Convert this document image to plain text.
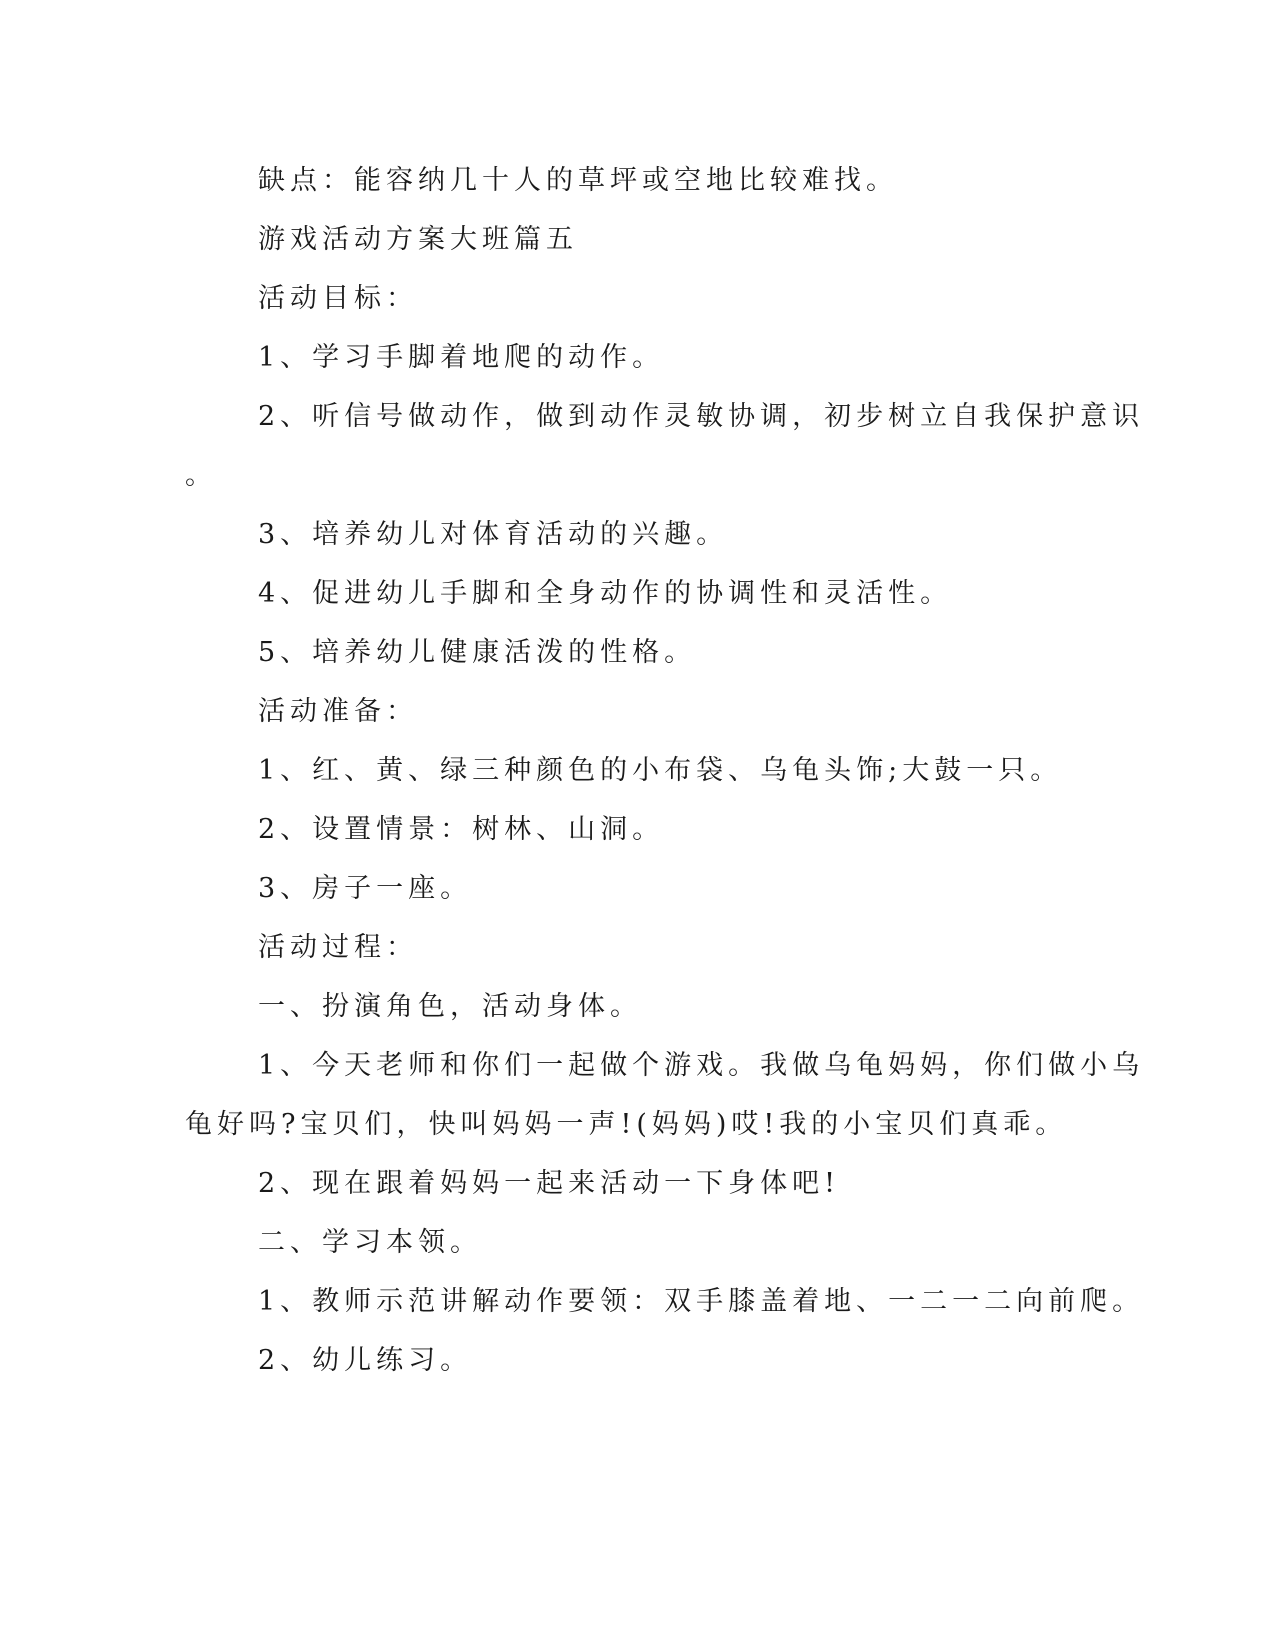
缺点：能容纳几十人的草坪或空地比较难找。

游戏活动方案大班篇五

活动目标：

1、学习手脚着地爬的动作。

2、听信号做动作，做到动作灵敏协调，初步树立自我保护意识

。

3、培养幼儿对体育活动的兴趣。

4、促进幼儿手脚和全身动作的协调性和灵活性。

5、培养幼儿健康活泼的性格。

活动准备：

1、红、黄、绿三种颜色的小布袋、乌龟头饰;大鼓一只。

2、设置情景：树林、山洞。

3、房子一座。

活动过程：

一、扮演角色，活动身体。

1、今天老师和你们一起做个游戏。我做乌龟妈妈，你们做小乌

龟好吗?宝贝们，快叫妈妈一声!(妈妈)哎!我的小宝贝们真乖。

2、现在跟着妈妈一起来活动一下身体吧!

二、学习本领。

1、教师示范讲解动作要领：双手膝盖着地、一二一二向前爬。

2、幼儿练习。
